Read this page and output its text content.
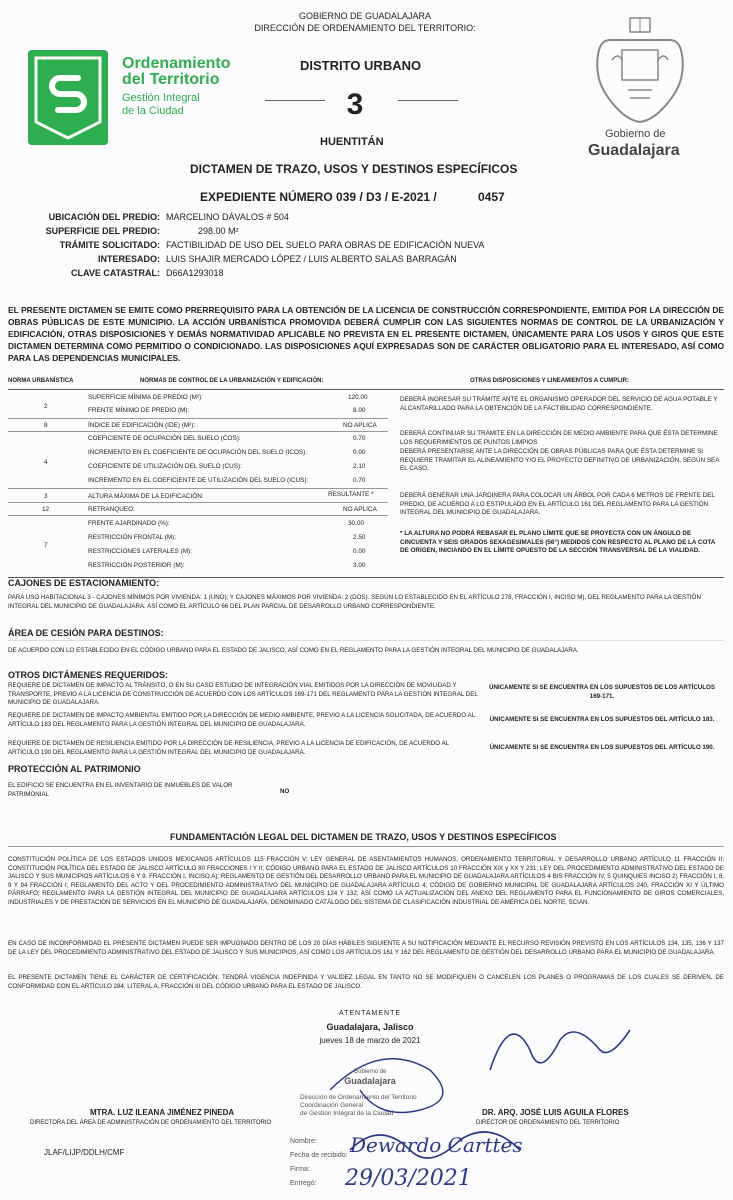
GOBIERNO DE GUADALAJARA
DIRECCIÓN DE ORDENAMIENTO DEL TERRITORIO:
Ordenamiento
del Territorio
Gestión Integral
de la Ciudad
DISTRITO URBANO
3
HUENTITÁN
DICTAMEN DE TRAZO, USOS Y DESTINOS ESPECÍFICOS
EXPEDIENTE NÚMERO 039 / D3 / E-2021 /	0457
Gobierno de
Guadalajara
UBICACIÓN DEL PREDIO: MARCELINO DÁVALOS # 504
SUPERFICIE DEL PREDIO:	298.00 M²
TRÁMITE SOLICITADO: FACTIBILIDAD DE USO DEL SUELO PARA OBRAS DE EDIFICACIÓN NUEVA
INTERESADO: LUIS SHAJIR MERCADO LÓPEZ / LUIS ALBERTO SALAS BARRAGÁN
CLAVE CATASTRAL: D66A1293018
EL PRESENTE DICTAMEN SE EMITE COMO PRERREQUISITO PARA LA OBTENCIÓN DE LA LICENCIA DE CONSTRUCCIÓN CORRESPONDIENTE, EMITIDA POR LA DIRECCIÓN DE OBRAS PÚBLICAS DE ESTE MUNICIPIO. LA ACCIÓN URBANÍSTICA PROMOVIDA DEBERÁ CUMPLIR CON LAS SIGUIENTES NORMAS DE CONTROL DE LA URBANIZACIÓN Y EDIFICACIÓN, OTRAS DISPOSICIONES Y DEMÁS NORMATIVIDAD APLICABLE NO PREVISTA EN EL PRESENTE DICTAMEN, ÚNICAMENTE PARA LOS USOS Y GIROS QUE ESTE DICTAMEN DETERMINA COMO PERMITIDO O CONDICIONADO. LAS DISPOSICIONES AQUÍ EXPRESADAS SON DE CARÁCTER OBLIGATORIO PARA EL INTERESADO, ASÍ COMO PARA LAS DEPENDENCIAS MUNICIPALES.
NORMA URBANÍSTICA	NORMAS DE CONTROL DE LA URBANIZACIÓN Y EDIFICACIÓN:	OTRAS DISPOSICIONES Y LINEAMIENTOS A CUMPLIR:
2
SUPERFICIE MÍNIMA DE PREDIO (M²):	120.00
FRENTE MÍNIMO DE PREDIO (M):	8.00
8	ÍNDICE DE EDIFICACIÓN (IDE) (M²):	NO APLICA
COEFICIENTE DE OCUPACIÓN DEL SUELO (COS):	0.70
4
INCREMENTO EN EL COEFICIENTE DE OCUPACIÓN DEL SUELO (ICOS):	0.00
COEFICIENTE DE UTILIZACIÓN DEL SUELO (CUS):	2.10
INCREMENTO EN EL COEFICIENTE DE UTILIZACIÓN DEL SUELO (ICUS):	0.70
3	ALTURA MÁXIMA DE LA EDIFICACIÓN:	RESULTANTE *
12	RETRANQUEO:	NO APLICA
FRENTE AJARDINADO (%):	30.00
7
RESTRICCIÓN FRONTAL (M):	2.50
RESTRICCIONES LATERALES (M):	0.00
RESTRICCIÓN POSTERIOR (M):	3.00
DEBERÁ INGRESAR SU TRÁMITE ANTE EL ORGANISMO OPERADOR DEL SERVICIO DE AGUA POTABLE Y ALCANTARILLADO PARA LA OBTENCIÓN DE LA FACTIBILIDAD CORRESPONDIENTE.
DEBERÁ CONTINUAR SU TRÁMITE EN LA DIRECCIÓN DE MEDIO AMBIENTE PARA QUE ÉSTA DETERMINE LOS REQUERIMIENTOS DE PUNTOS LIMPIOS
DEBERÁ PRESENTARSE ANTE LA DIRECCIÓN DE OBRAS PÚBLICAS PARA QUE ÉSTA DETERMINE SI REQUIERE TRAMITAR EL ALINEAMIENTO Y/O EL PROYECTO DEFINITIVO DE URBANIZACIÓN, SEGÚN SEA EL CASO.
DEBERÁ GENERAR UNA JARDINERA PARA COLOCAR UN ÁRBOL POR CADA 6 METROS DE FRENTE DEL PREDIO, DE ACUERDO A LO ESTIPULADO EN EL ARTÍCULO 161 DEL REGLAMENTO PARA LA GESTIÓN INTEGRAL DEL MUNICIPIO DE GUADALAJARA.
* LA ALTURA NO PODRÁ REBASAR EL PLANO LÍMITE QUE SE PROYECTA CON UN ÁNGULO DE CINCUENTA Y SEIS GRADOS SEXAGESIMALES (56°) MEDIDOS CON RESPECTO AL PLANO DE LA COTA DE ORIGEN, INICIANDO EN EL LÍMITE OPUESTO DE LA SECCIÓN TRANSVERSAL DE LA VIALIDAD.
CAJONES DE ESTACIONAMIENTO:
PARA USO HABITACIONAL 3 - CAJONES MÍNIMOS POR VIVIENDA: 1 (UNO); Y CAJONES MÁXIMOS POR VIVIENDA: 2 (DOS). SEGÚN LO ESTABLECIDO EN EL ARTÍCULO 278, FRACCIÓN I, INCISO M), DEL REGLAMENTO PARA LA GESTIÓN INTEGRAL DEL MUNICIPIO DE GUADALAJARA. ASÍ COMO EL ARTÍCULO 66 DEL PLAN PARCIAL DE DESARROLLO URBANO CORRESPONDIENTE.
ÁREA DE CESIÓN PARA DESTINOS:
DE ACUERDO CON LO ESTABLECIDO EN EL CÓDIGO URBANO PARA EL ESTADO DE JALISCO, ASÍ COMO EN EL REGLAMENTO PARA LA GESTIÓN INTEGRAL DEL MUNICIPIO DE GUADALAJARA.
OTROS DICTÁMENES REQUERIDOS:
REQUIERE DE DICTAMEN DE IMPACTO AL TRÁNSITO, O EN SU CASO ESTUDIO DE INTEGRACIÓN VIAL EMITIDOS POR LA DIRECCIÓN DE MOVILIDAD Y TRANSPORTE, PREVIO A LA LICENCIA DE CONSTRUCCIÓN DE ACUERDO CON LOS ARTÍCULOS 169-171 DEL REGLAMENTO PARA LA GESTIÓN INTEGRAL DEL MUNICIPIO DE GUADALAJARA.
ÚNICAMENTE SI SE ENCUENTRA EN LOS SUPUESTOS DE LOS ARTÍCULOS 169-171.
REQUIERE DE DICTAMEN DE IMPACTO AMBIENTAL EMITIDO POR LA DIRECCIÓN DE MEDIO AMBIENTE, PREVIO A LA LICENCIA SOLICITADA, DE ACUERDO AL ARTÍCULO 183 DEL REGLAMENTO PARA LA GESTIÓN INTEGRAL DEL MUNICIPIO DE GUADALAJARA.
ÚNICAMENTE SI SE ENCUENTRA EN LOS SUPUESTOS DEL ARTÍCULO 183.
REQUIERE DE DICTAMEN DE RESILIENCIA EMITIDO POR LA DIRECCIÓN DE RESILIENCIA, PREVIO A LA LICENCIA DE EDIFICACIÓN, DE ACUERDO AL ARTÍCULO 190 DEL REGLAMENTO PARA LA GESTIÓN INTEGRAL DEL MUNICIPIO DE GUADALAJARA.
ÚNICAMENTE SI SE ENCUENTRA EN LOS SUPUESTOS DEL ARTÍCULO 190.
PROTECCIÓN AL PATRIMONIO
EL EDIFICIO SE ENCUENTRA EN EL INVENTARIO DE INMUEBLES DE VALOR PATRIMONIAL	NO
FUNDAMENTACIÓN LEGAL DEL DICTAMEN DE TRAZO, USOS Y DESTINOS ESPECÍFICOS
CONSTITUCIÓN POLÍTICA DE LOS ESTADOS UNIDOS MEXICANOS ARTÍCULOS 115 FRACCIÓN V; LEY GENERAL DE ASENTAMIENTOS HUMANOS, ORDENAMIENTO TERRITORIAL Y DESARROLLO URBANO ARTÍCULO 11 FRACCIÓN II; CONSTITUCIÓN POLÍTICA DEL ESTADO DE JALISCO ARTÍCULO 80 FRACCIONES I Y II; CÓDIGO URBANO PARA EL ESTADO DE JALISCO ARTÍCULOS 10 FRACCIÓN XIX y XX Y 231; LEY DEL PROCEDIMIENTO ADMINISTRATIVO DEL ESTADO DE JALISCO Y SUS MUNICIPIOS ARTÍCULOS 6 Y 9, FRACCIÓN I, INCISO A); REGLAMENTO DE GESTIÓN DEL DESARROLLO URBANO PARA EL MUNICIPIO DE GUADALAJARA ARTÍCULOS 4 BIS FRACCIÓN IV, 5 QUINQUIES INCISO 2) FRACCIÓN I, 8, 9 Y 94 FRACCIÓN I; REGLAMENTO DEL ACTO Y DEL PROCEDIMIENTO ADMINISTRATIVO DEL MUNICIPIO DE GUADALAJARA ARTÍCULO 4; CÓDIGO DE GOBIERNO MUNICIPAL DE GUADALAJARA ARTÍCULOS 240, FRACCIÓN XI Y ÚLTIMO PÁRRAFO; REGLAMENTO PARA LA GESTIÓN INTEGRAL DEL MUNICIPIO DE GUADALAJARA ARTÍCULOS 124 Y 132; ASÍ COMO LA ACTUALIZACIÓN DEL ANEXO DEL REGLAMENTO PARA EL FUNCIONAMIENTO DE GIROS COMERCIALES, INDUSTRIALES Y DE PRESTACIÓN DE SERVICIOS EN EL MUNICIPIO DE GUADALAJARA, DENOMINADO CATÁLOGO DEL SISTEMA DE CLASIFICACIÓN INDUSTRIAL DE AMÉRICA DEL NORTE, SCIAN.
EN CASO DE INCONFORMIDAD EL PRESENTE DICTAMEN PUEDE SER IMPUGNADO DENTRO DE LOS 20 DÍAS HÁBILES SIGUIENTE A SU NOTIFICACIÓN MEDIANTE EL RECURSO REVISIÓN PREVISTO EN LOS ARTÍCULOS 134, 135, 136 Y 137 DE LA LEY DEL PROCEDIMIENTO ADMINISTRATIVO DEL ESTADO DE JALISCO Y SUS MUNICIPIOS, ASÍ COMO LOS ARTÍCULOS 161 Y 162 DEL REGLAMENTO DE GESTIÓN DEL DESARROLLO URBANO PARA EL MUNICIPIO DE GUADALAJARA.
EL PRESENTE DICTAMEN TIENE EL CARÁCTER DE CERTIFICACIÓN; TENDRÁ VIGENCIA INDEFINIDA Y VALIDEZ LEGAL EN TANTO NO SE MODIFIQUEN O CANCELEN LOS PLANES O PROGRAMAS DE LOS CUALES SE DERIVEN, DE CONFORMIDAD CON EL ARTÍCULO 284, LITERAL A, FRACCIÓN III DEL CÓDIGO URBANO PARA EL ESTADO DE JALISCO.
ATENTAMENTE
Guadalajara, Jalisco
jueves 18 de marzo de 2021
MTRA. LUZ ILEANA JIMÉNEZ PINEDA
DIRECTORA DEL ÁREA DE ADMINISTRACIÓN DE ORDENAMIENTO DEL TERRITORIO
DR. ARQ. JOSÉ LUIS AGUILA FLORES
DIRECTOR DE ORDENAMIENTO DEL TERRITORIO
JLAF/LIJP/DDLH/CMF
Gobierno de
Guadalajara
Dirección de Ordenamiento del Territorio
Coordinación General
de Gestión Integral de la Ciudad
Nombre:
Fecha de recibido:
Firma:
Entregó:
Dewardo Carttes
29/03/2021
